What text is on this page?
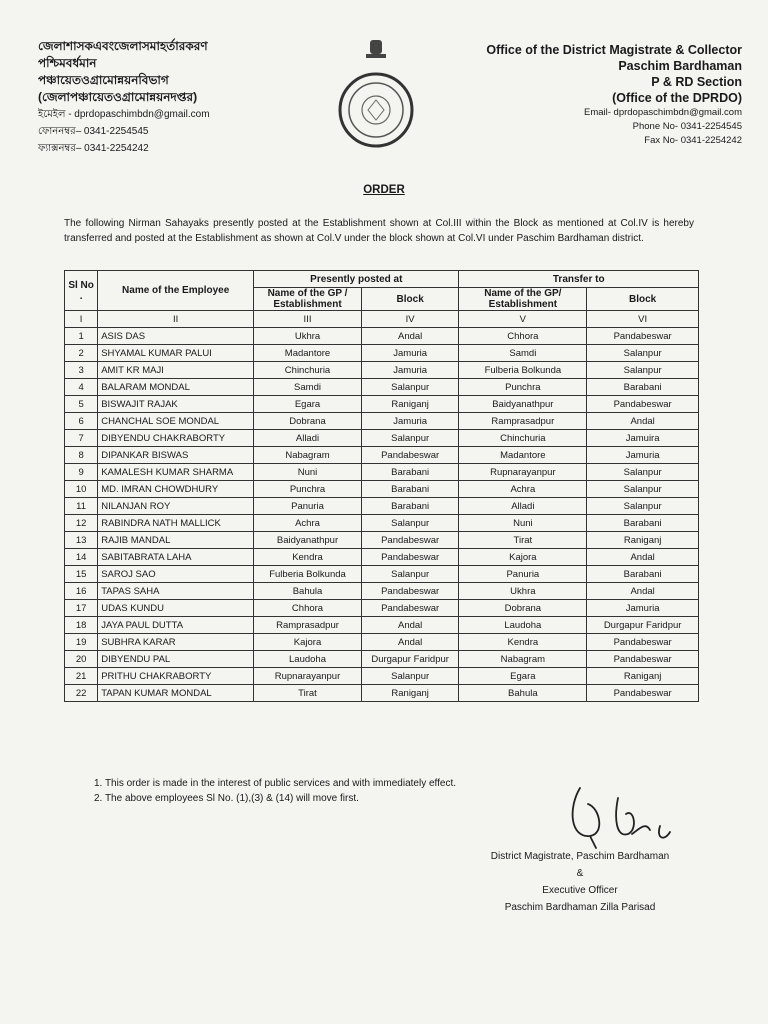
জেলাশাসকএবংজেলাসমাহর্তারকরণ
পশ্চিমবর্ধমান
পঞ্চায়েতওগ্রামোন্নয়নবিভাগ
(জেলাপঞ্চায়েতওগ্রামোন্নয়নদপ্তর)
ইমেইল - dprdopaschimbdn@gmail.com
ফোননম্বর– 0341-2254545
ফ্যাক্সনম্বর– 0341-2254242
Office of the District Magistrate & Collector
Paschim Bardhaman
P & RD Section
(Office of the DPRDO)
Email- dprdopaschimbdn@gmail.com
Phone No- 0341-2254545
Fax No- 0341-2254242
ORDER
The following Nirman Sahayaks presently posted at the Establishment shown at Col.III within the Block as mentioned at Col.IV is hereby transferred and posted at the Establishment as shown at Col.V under the block shown at Col.VI under Paschim Bardhaman district.
Sl No .	Name of the Employee	Presently posted at		Transfer to	
		Name of the GP / Establishment	Block	Name of the GP/ Establishment	Block
I	II	III	IV	V	VI
1	ASIS DAS	Ukhra	Andal	Chhora	Pandabeswar
2	SHYAMAL KUMAR PALUI	Madantore	Jamuria	Samdi	Salanpur
3	AMIT KR MAJI	Chinchuria	Jamuria	Fulberia Bolkunda	Salanpur
4	BALARAM MONDAL	Samdi	Salanpur	Punchra	Barabani
5	BISWAJIT RAJAK	Egara	Raniganj	Baidyanathpur	Pandabeswar
6	CHANCHAL SOE MONDAL	Dobrana	Jamuria	Ramprasadpur	Andal
7	DIBYENDU CHAKRABORTY	Alladi	Salanpur	Chinchuria	Jamuira
8	DIPANKAR BISWAS	Nabagram	Pandabeswar	Madantore	Jamuria
9	KAMALESH KUMAR SHARMA	Nuni	Barabani	Rupnarayanpur	Salanpur
10	MD. IMRAN CHOWDHURY	Punchra	Barabani	Achra	Salanpur
11	NILANJAN ROY	Panuria	Barabani	Alladi	Salanpur
12	RABINDRA NATH MALLICK	Achra	Salanpur	Nuni	Barabani
13	RAJIB MANDAL	Baidyanathpur	Pandabeswar	Tirat	Raniganj
14	SABITABRATA LAHA	Kendra	Pandabeswar	Kajora	Andal
15	SAROJ SAO	Fulberia Bolkunda	Salanpur	Panuria	Barabani
16	TAPAS SAHA	Bahula	Pandabeswar	Ukhra	Andal
17	UDAS KUNDU	Chhora	Pandabeswar	Dobrana	Jamuria
18	JAYA PAUL DUTTA	Ramprasadpur	Andal	Laudoha	Durgapur Faridpur
19	SUBHRA KARAR	Kajora	Andal	Kendra	Pandabeswar
20	DIBYENDU PAL	Laudoha	Durgapur Faridpur	Nabagram	Pandabeswar
21	PRITHU CHAKRABORTY	Rupnarayanpur	Salanpur	Egara	Raniganj
22	TAPAN KUMAR MONDAL	Tirat	Raniganj	Bahula	Pandabeswar
1. This order is made in the interest of public services and with immediately effect.
2. The above employees Sl No. (1),(3) & (14) will move first.
District Magistrate, Paschim Bardhaman
&
Executive Officer
Paschim Bardhaman Zilla Parisad
